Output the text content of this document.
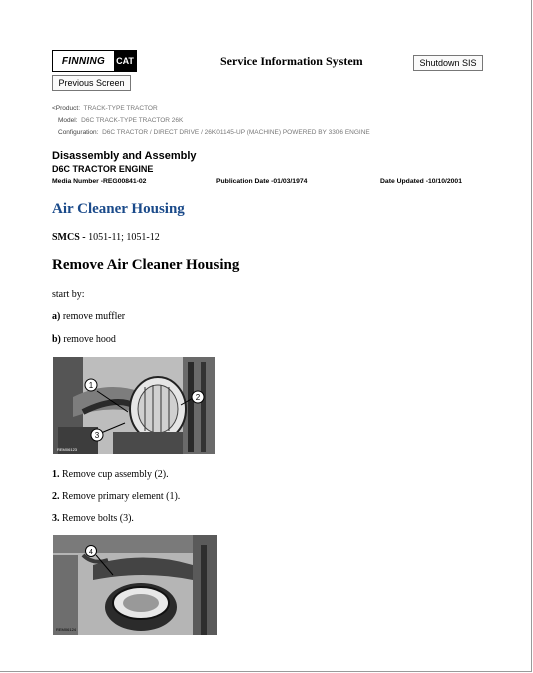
FINNING	CAT
Previous Screen
Service Information System	Shutdown SIS
<Product: TRACK-TYPE TRACTOR
Model: D6C TRACK-TYPE TRACTOR 26K
Configuration: D6C TRACTOR / DIRECT DRIVE / 26K01145-UP (MACHINE) POWERED BY 3306 ENGINE
Disassembly and Assembly
D6C TRACTOR ENGINE
Media Number -REG00841-02	Publication Date -01/03/1974	Date Updated -10/10/2001
Air Cleaner Housing
SMCS - 1051-11; 1051-12
Remove Air Cleaner Housing
start by:
a) remove muffler
b) remove hood
1
2
3
REM06123
1. Remove cup assembly (2).
2. Remove primary element (1).
3. Remove bolts (3).
4
REM06124
